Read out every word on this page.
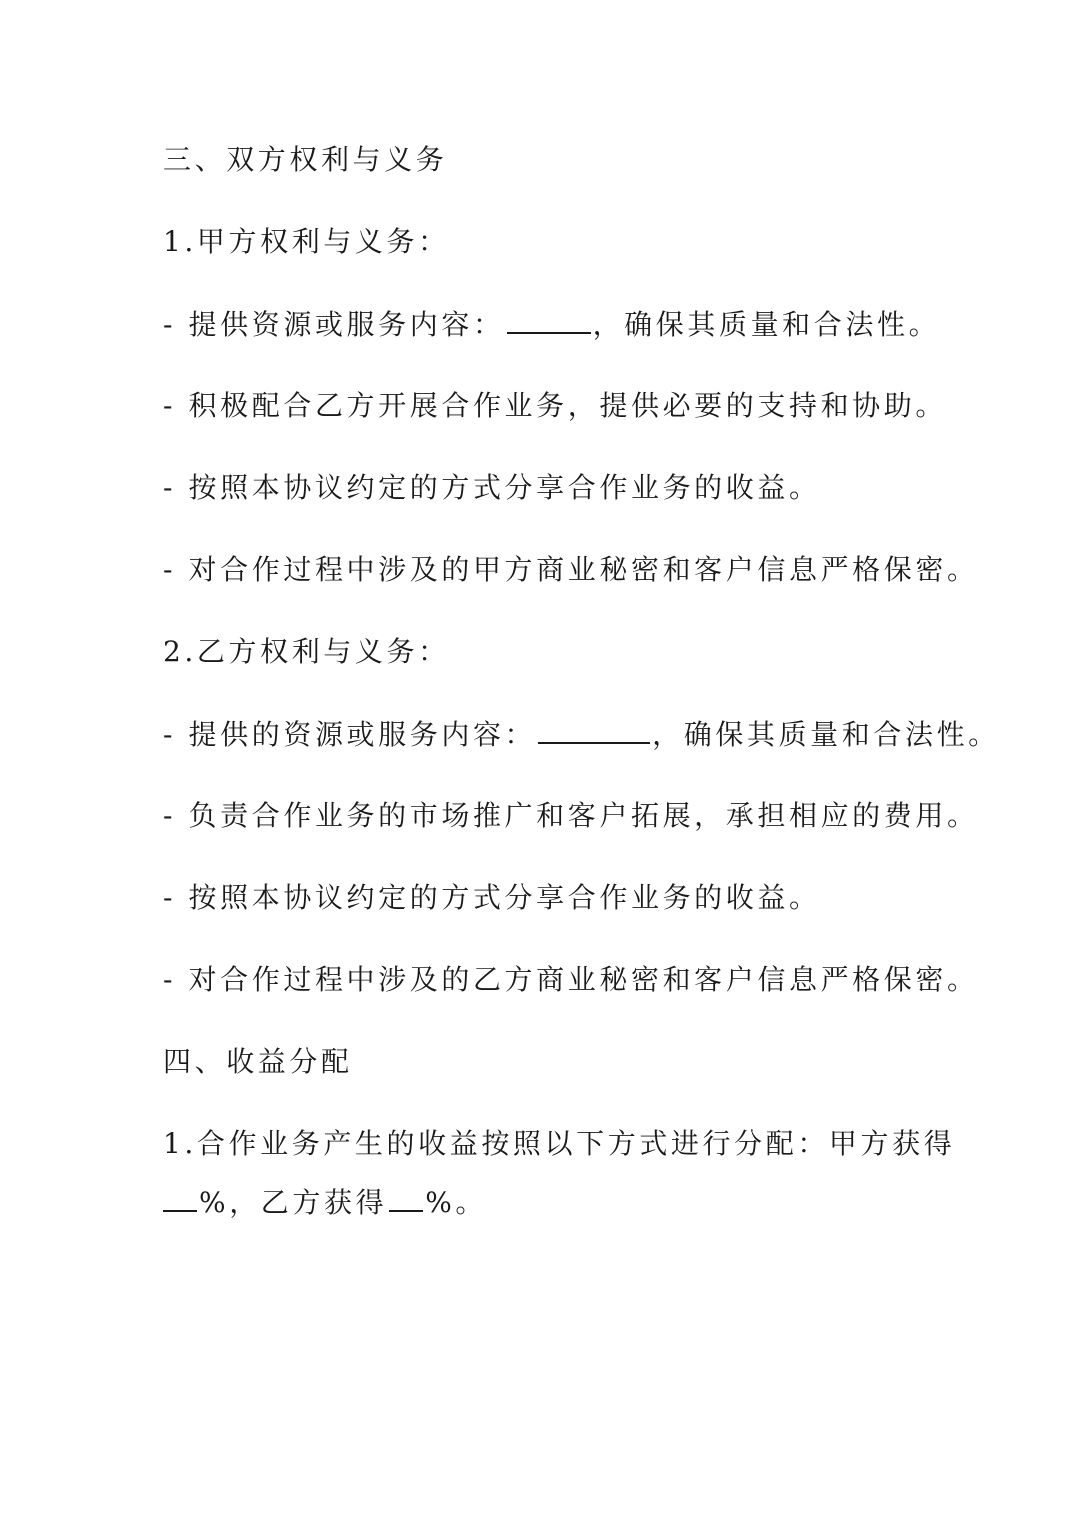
三、双方权利与义务
1.甲方权利与义务：
- 提供资源或服务内容：	，确保其质量和合法性。
- 积极配合乙方开展合作业务，提供必要的支持和协助。
- 按照本协议约定的方式分享合作业务的收益。
- 对合作过程中涉及的甲方商业秘密和客户信息严格保密。
2.乙方权利与义务：
- 提供的资源或服务内容：	，确保其质量和合法性。
- 负责合作业务的市场推广和客户拓展，承担相应的费用。
- 按照本协议约定的方式分享合作业务的收益。
- 对合作过程中涉及的乙方商业秘密和客户信息严格保密。
四、收益分配
1.合作业务产生的收益按照以下方式进行分配：甲方获得
%，乙方获得 %。
